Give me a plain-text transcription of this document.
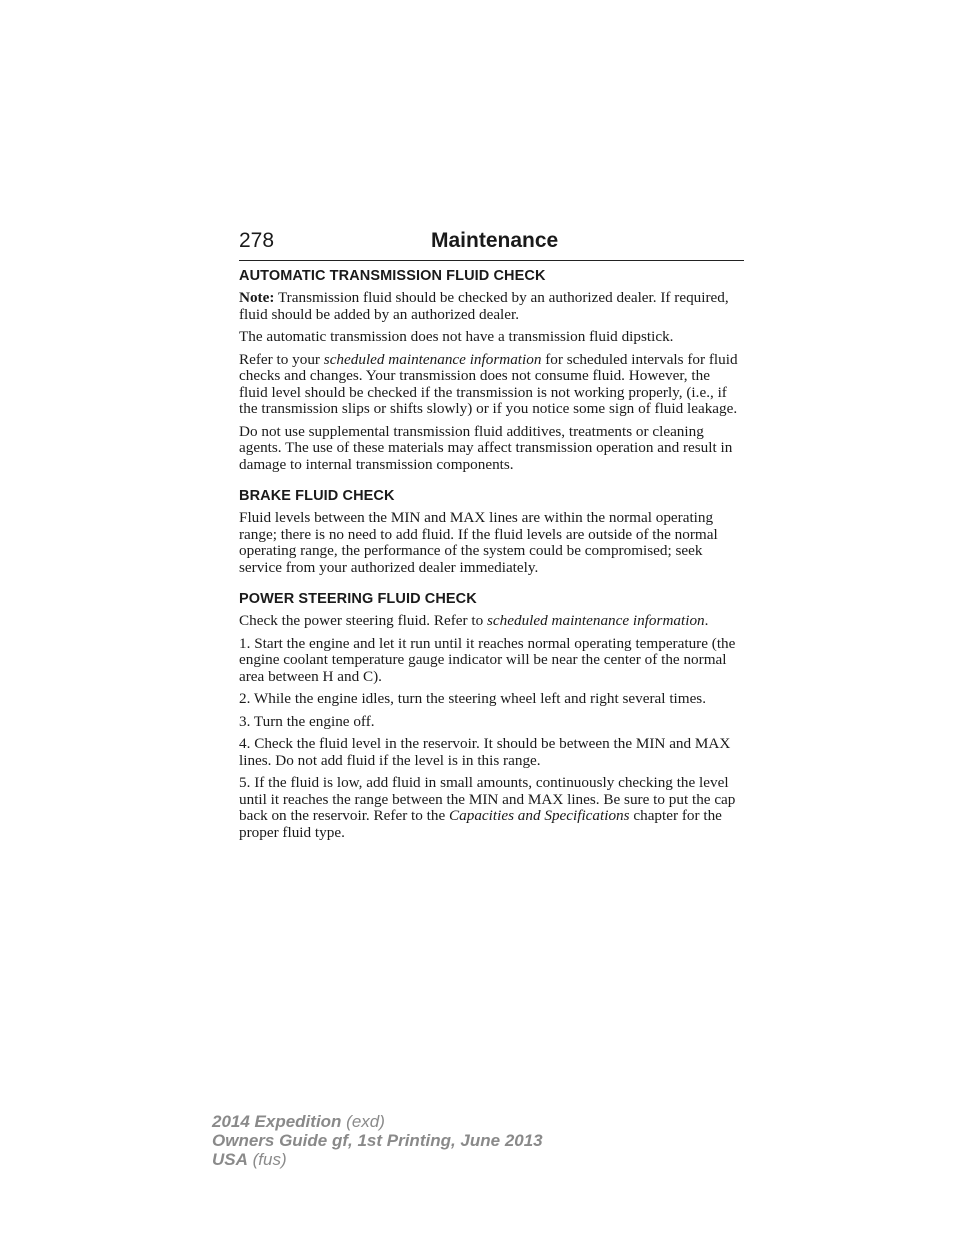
278	Maintenance
AUTOMATIC TRANSMISSION FLUID CHECK

Note: Transmission fluid should be checked by an authorized dealer. If required, fluid should be added by an authorized dealer.

The automatic transmission does not have a transmission fluid dipstick.

Refer to your scheduled maintenance information for scheduled intervals for fluid checks and changes. Your transmission does not consume fluid. However, the fluid level should be checked if the transmission is not working properly, (i.e., if the transmission slips or shifts slowly) or if you notice some sign of fluid leakage.

Do not use supplemental transmission fluid additives, treatments or cleaning agents. The use of these materials may affect transmission operation and result in damage to internal transmission components.

BRAKE FLUID CHECK

Fluid levels between the MIN and MAX lines are within the normal operating range; there is no need to add fluid. If the fluid levels are outside of the normal operating range, the performance of the system could be compromised; seek service from your authorized dealer immediately.

POWER STEERING FLUID CHECK

Check the power steering fluid. Refer to scheduled maintenance information.

1. Start the engine and let it run until it reaches normal operating temperature (the engine coolant temperature gauge indicator will be near the center of the normal area between H and C).

2. While the engine idles, turn the steering wheel left and right several times.

3. Turn the engine off.

4. Check the fluid level in the reservoir. It should be between the MIN and MAX lines. Do not add fluid if the level is in this range.

5. If the fluid is low, add fluid in small amounts, continuously checking the level until it reaches the range between the MIN and MAX lines. Be sure to put the cap back on the reservoir. Refer to the Capacities and Specifications chapter for the proper fluid type.

2014 Expedition (exd)
Owners Guide gf, 1st Printing, June 2013
USA (fus)
